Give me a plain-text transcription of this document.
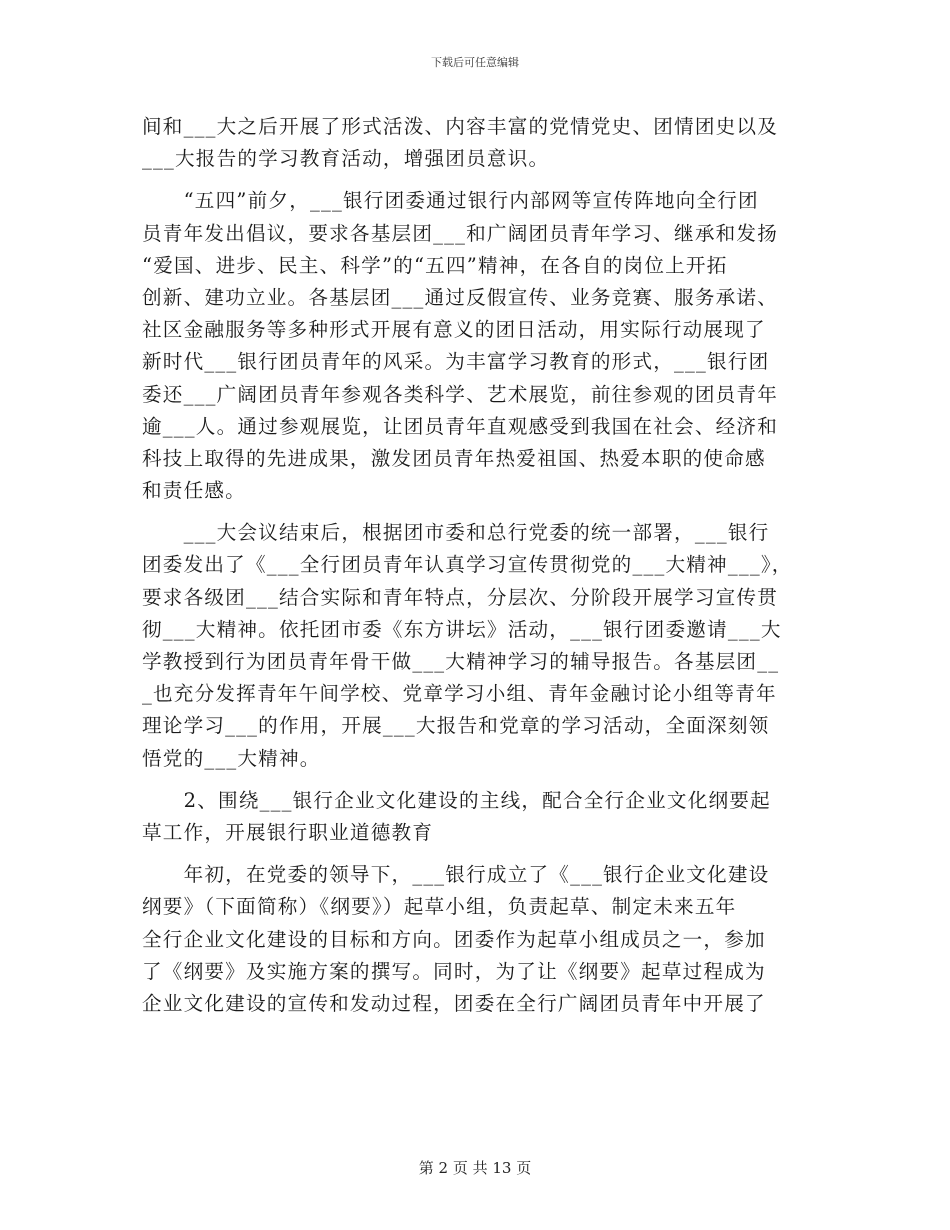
下载后可任意编辑
间和___大之后开展了形式活泼、内容丰富的党情党史、团情团史以及
___大报告的学习教育活动，增强团员意识。
　　“五四”前夕，___银行团委通过银行内部网等宣传阵地向全行团
员青年发出倡议，要求各基层团___和广阔团员青年学习、继承和发扬
“爱国、进步、民主、科学”的“五四”精神，在各自的岗位上开拓
创新、建功立业。各基层团___通过反假宣传、业务竞赛、服务承诺、
社区金融服务等多种形式开展有意义的团日活动，用实际行动展现了
新时代___银行团员青年的风采。为丰富学习教育的形式，___银行团
委还___广阔团员青年参观各类科学、艺术展览，前往参观的团员青年
逾___人。通过参观展览，让团员青年直观感受到我国在社会、经济和
科技上取得的先进成果，激发团员青年热爱祖国、热爱本职的使命感
和责任感。
　　___大会议结束后，根据团市委和总行党委的统一部署，___银行
团委发出了《___全行团员青年认真学习宣传贯彻党的___大精神___》，
要求各级团___结合实际和青年特点，分层次、分阶段开展学习宣传贯
彻___大精神。依托团市委《东方讲坛》活动，___银行团委邀请___大
学教授到行为团员青年骨干做___大精神学习的辅导报告。各基层团__
_也充分发挥青年午间学校、党章学习小组、青年金融讨论小组等青年
理论学习___的作用，开展___大报告和党章的学习活动，全面深刻领
悟党的___大精神。
　　2、围绕___银行企业文化建设的主线，配合全行企业文化纲要起
草工作，开展银行职业道德教育
　　年初，在党委的领导下，___银行成立了《___银行企业文化建设
纲要》（下面简称）《纲要》）起草小组，负责起草、制定未来五年
全行企业文化建设的目标和方向。团委作为起草小组成员之一，参加
了《纲要》及实施方案的撰写。同时，为了让《纲要》起草过程成为
企业文化建设的宣传和发动过程，团委在全行广阔团员青年中开展了
第 2 页 共 13 页
